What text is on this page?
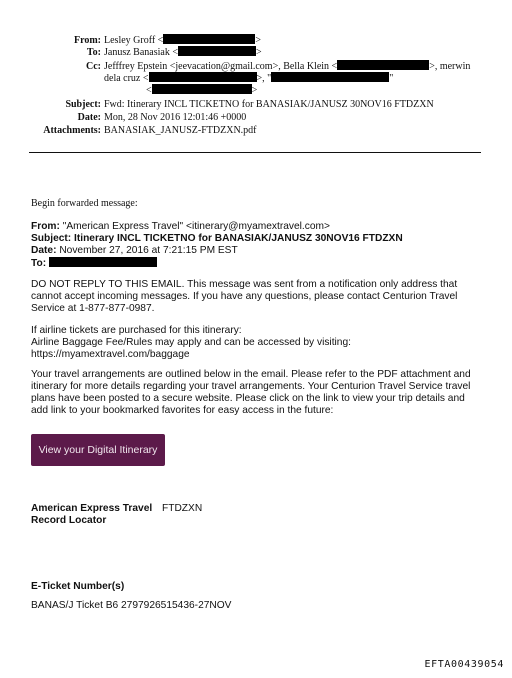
From: Lesley Groff <	>
To: Janusz Banasiak <	>
Cc: Jefffrey Epstein <jeevacation@gmail.com>, Bella Klein <	>, merwin
dela cruz <	>, "	"
<	>
Subject: Fwd: Itinerary INCL TICKETNO for BANASIAK/JANUSZ 30NOV16 FTDZXN
Date: Mon, 28 Nov 2016 12:01:46 +0000
Attachments: BANASIAK_JANUSZ-FTDZXN.pdf
Begin forwarded message:
From: "American Express Travel" <itinerary@myamextravel.com>
Subject: Itinerary INCL TICKETNO for BANASIAK/JANUSZ 30NOV16 FTDZXN
Date: November 27, 2016 at 7:21:15 PM EST
To:
DO NOT REPLY TO THIS EMAIL. This message was sent from a notification only address that
cannot accept incoming messages. If you have any questions, please contact Centurion Travel
Service at 1-877-877-0987.
If airline tickets are purchased for this itinerary:
Airline Baggage Fee/Rules may apply and can be accessed by visiting:
https://myamextravel.com/baggage
Your travel arrangements are outlined below in the email. Please refer to the PDF attachment and
itinerary for more details regarding your travel arrangements. Your Centurion Travel Service travel
plans have been posted to a secure website. Please click on the link to view your trip details and
add link to your bookmarked favorites for easy access in the future:
View your Digital Itinerary
American Express Travel
Record Locator
FTDZXN
E-Ticket Number(s)
BANAS/J Ticket B6 2797926515436-27NOV
EFTA00439054
